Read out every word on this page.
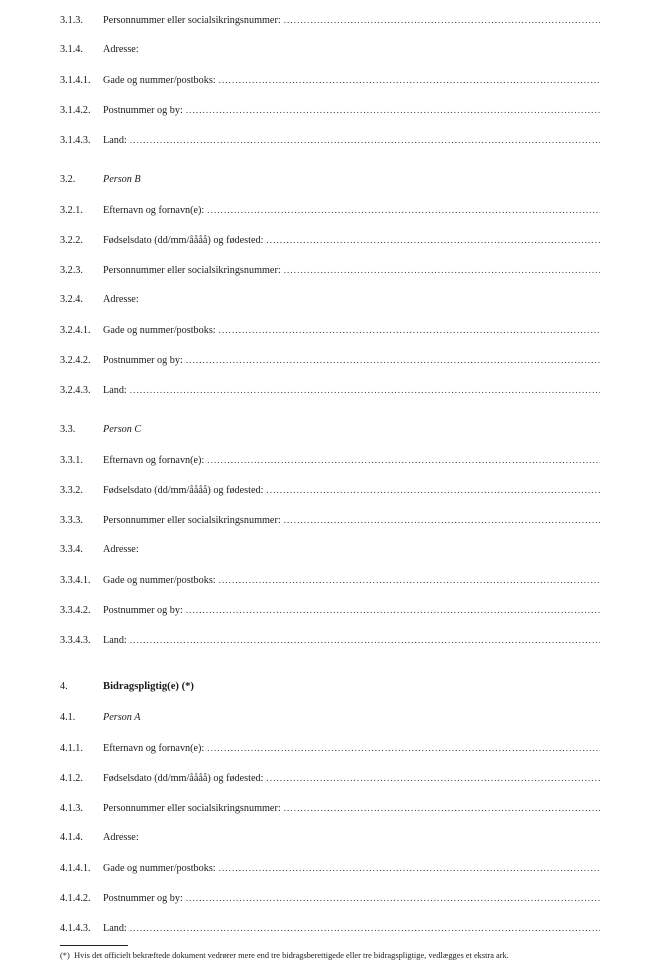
3.1.3.	Personnummer eller socialsikringsnummer:
.....
3.1.4.	Adresse:
3.1.4.1.	Gade og nummer/postboks:
.....
3.1.4.2.	Postnummer og by:
.....
3.1.4.3.	Land:
.....
3.2.	Person B
3.2.1.	Efternavn og fornavn(e):
.....
3.2.2.	Fødselsdato (dd/mm/åååå) og fødested:
.....
3.2.3.	Personnummer eller socialsikringsnummer:
.....
3.2.4.	Adresse:
3.2.4.1.	Gade og nummer/postboks:
.....
3.2.4.2.	Postnummer og by:
.....
3.2.4.3.	Land:
.....
3.3.	Person C
3.3.1.	Efternavn og fornavn(e):
.....
3.3.2.	Fødselsdato (dd/mm/åååå) og fødested:
.....
3.3.3.	Personnummer eller socialsikringsnummer:
.....
3.3.4.	Adresse:
3.3.4.1.	Gade og nummer/postboks:
.....
3.3.4.2.	Postnummer og by:
.....
3.3.4.3.	Land:
.....
4.	Bidragspligtig(e) (*)
4.1.	Person A
4.1.1.	Efternavn og fornavn(e):
.....
4.1.2.	Fødselsdato (dd/mm/åååå) og fødested:
.....
4.1.3.	Personnummer eller socialsikringsnummer:
.....
4.1.4.	Adresse:
4.1.4.1.	Gade og nummer/postboks:
.....
4.1.4.2.	Postnummer og by:
.....
4.1.4.3.	Land:
.....
(*) Hvis det officielt bekræftede dokument vedrører mere end tre bidragsberettigede eller tre bidragspligtige, vedlægges et ekstra ark.
